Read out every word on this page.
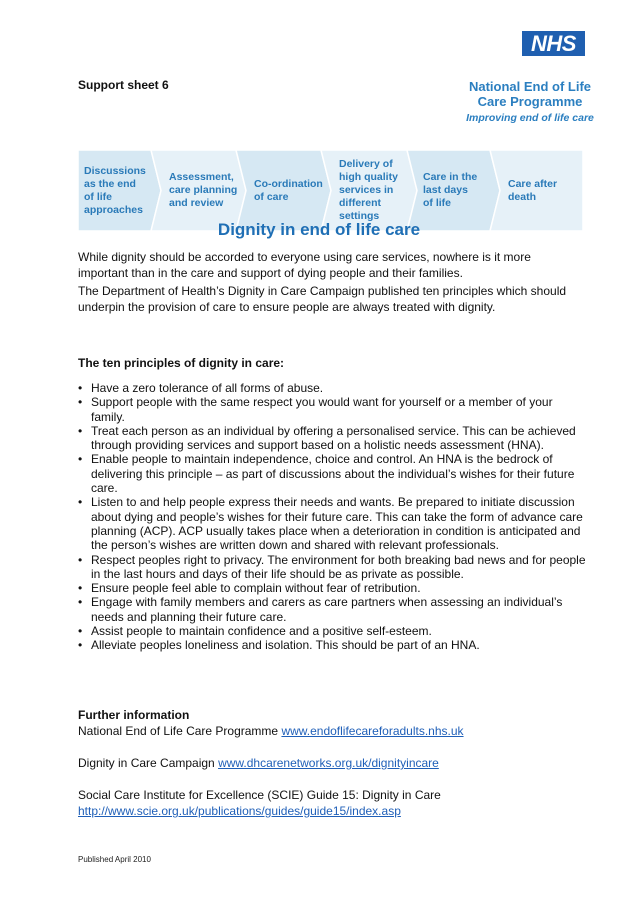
Support sheet 6
NHS
National End of Life
Care Programme
Improving end of life care
Discussions
as the end
of life
approaches
Assessment,
care planning
and review
Co-ordination
of care
Delivery of
high quality
services in
different
settings
Care in the
last days
of life
Care after
death
Dignity in end of life care

While dignity should be accorded to everyone using care services, nowhere is it more important than in the care and support of dying people and their families.

The Department of Health’s Dignity in Care Campaign published ten principles which should underpin the provision of care to ensure people are always treated with dignity.

The ten principles of dignity in care:
• Have a zero tolerance of all forms of abuse.
• Support people with the same respect you would want for yourself or a member of your family.
• Treat each person as an individual by offering a personalised service. This can be achieved through providing services and support based on a holistic needs assessment (HNA).
• Enable people to maintain independence, choice and control. An HNA is the bedrock of delivering this principle – as part of discussions about the individual’s wishes for their future care.
• Listen to and help people express their needs and wants. Be prepared to initiate discussion about dying and people’s wishes for their future care. This can take the form of advance care planning (ACP). ACP usually takes place when a deterioration in condition is anticipated and the person’s wishes are written down and shared with relevant professionals.
• Respect peoples right to privacy. The environment for both breaking bad news and for people in the last hours and days of their life should be as private as possible.
• Ensure people feel able to complain without fear of retribution.
• Engage with family members and carers as care partners when assessing an individual’s needs and planning their future care.
• Assist people to maintain confidence and a positive self-esteem.
• Alleviate peoples loneliness and isolation. This should be part of an HNA.

Further information

National End of Life Care Programme www.endoflifecareforadults.nhs.uk

Dignity in Care Campaign www.dhcarenetworks.org.uk/dignityincare

Social Care Institute for Excellence (SCIE) Guide 15: Dignity in Care

http://www.scie.org.uk/publications/guides/guide15/index.asp

Published April 2010
